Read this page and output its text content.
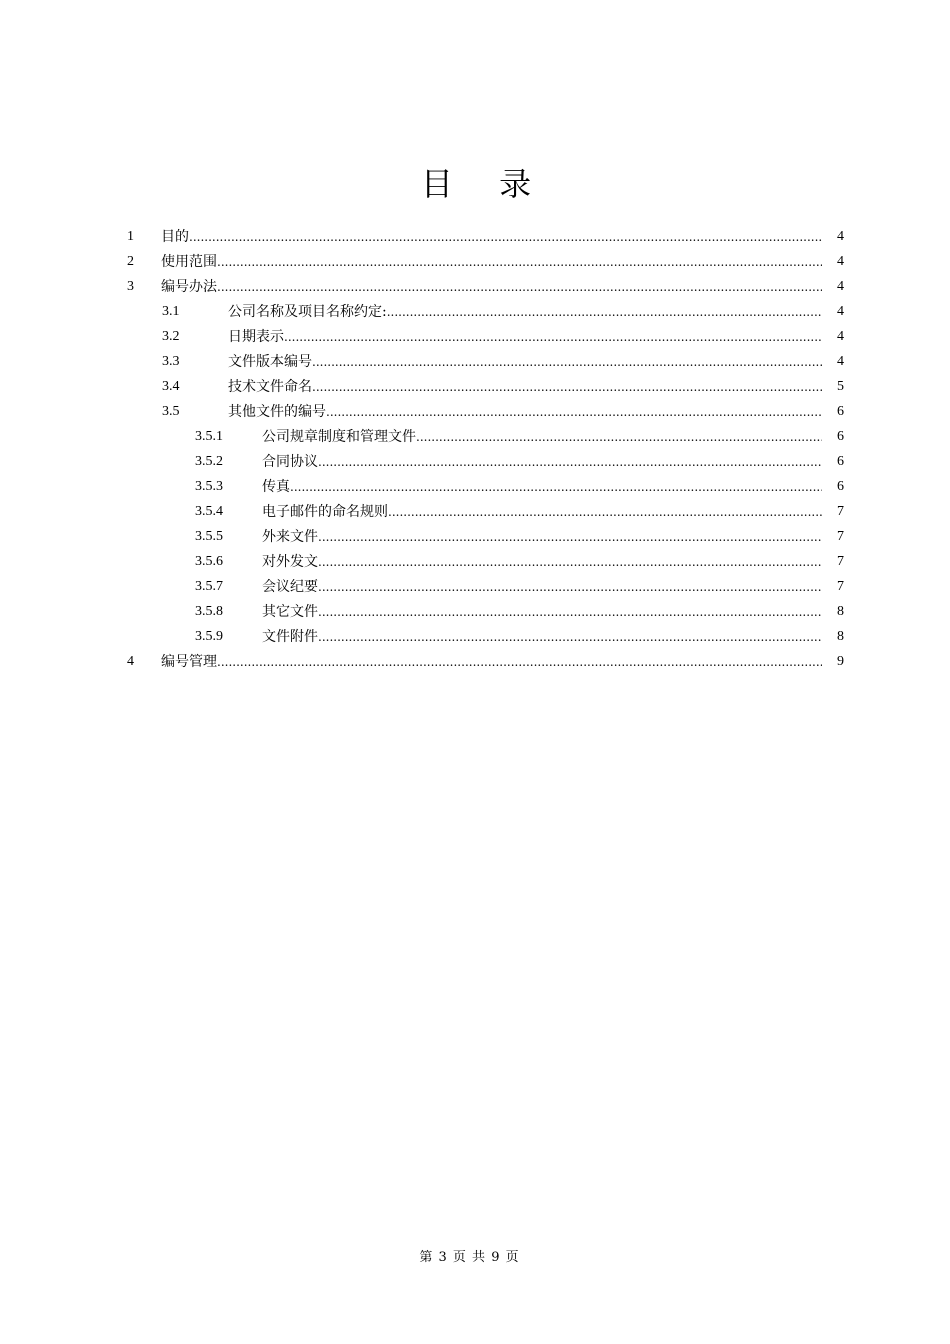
目 录
1 目的 .....	4
2 使用范围 .....	4
3 编号办法 .....	4
3.1	公司名称及项目名称约定: .....	4
3.2	日期表示 .....	4
3.3	文件版本编号 .....	4
3.4	技术文件命名 .....	5
3.5	其他文件的编号 .....	6
3.5.1	公司规章制度和管理文件 .....	6
3.5.2	合同协议 .....	6
3.5.3	传真 .....	6
3.5.4	电子邮件的命名规则 .....	7
3.5.5	外来文件 .....	7
3.5.6	对外发文 .....	7
3.5.7	会议纪要 .....	7
3.5.8	其它文件 .....	8
3.5.9	文件附件 .....	8
4 编号管理 .....	9
第 3 页 共 9 页
